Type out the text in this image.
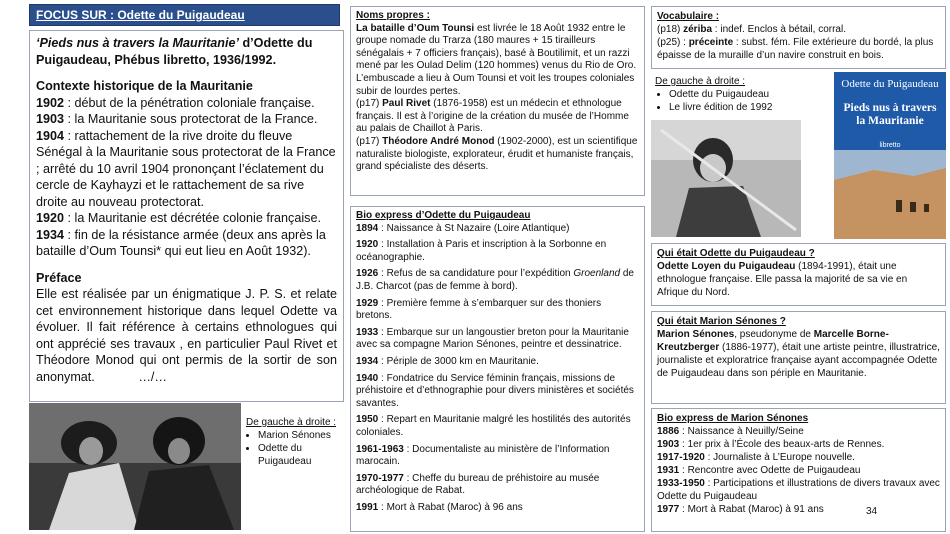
FOCUS SUR : Odette du Puigaudeau

‘Pieds nus à travers la Mauritanie’ d’Odette du Puigaudeau, Phébus libretto, 1936/1992.

Contexte historique de la Mauritanie

1902 : début de la pénétration coloniale française.

1903 : la Mauritanie sous protectorat de la France.

1904 : rattachement de la rive droite du fleuve Sénégal à la Mauritanie sous protectorat de la France ; arrêté du 10 avril 1904 prononçant l’éclatement du cercle de Kayhayzi et le rattachement de sa rive droite au nouveau protectorat.

1920 : la Mauritanie est décrétée colonie française.

1934 : fin de la résistance armée (deux ans après la bataille d’Oum Tounsi* qui eut lieu en Août 1932).

Préface

Elle est réalisée par un énigmatique J. P. S. et relate cet environnement historique dans lequel Odette va évoluer. Il fait référence à certains ethnologues qui ont apprécié ses travaux , en particulier Paul Rivet et Théodore Monod qui ont permis de la sortir de son anonymat.	…/…

De gauche à droite :
• Marion Sénones
• Odette du Puigaudeau

Noms propres :

La bataille d’Oum Tounsi est livrée le 18 Août 1932 entre le groupe nomade du Trarza (180 maures + 15 tirailleurs sénégalais + 7 officiers français), basé à Boutilimit, et un razzi mené par les Oulad Delim (120 hommes) venus du Rio de Oro. L’embuscade a lieu à Oum Tounsi et voit les troupes coloniales subir de lourdes pertes.

(p17) Paul Rivet (1876-1958) est un médecin et ethnologue français. Il est à l’origine de la création du musée de l’Homme au palais de Chaillot à Paris.

(p17) Théodore André Monod (1902-2000), est un scientifique naturaliste biologiste, explorateur, érudit et humaniste français, grand spécialiste des déserts.

Bio express d’Odette du Puigaudeau

1894 : Naissance à St Nazaire (Loire Atlantique)

1920 : Installation à Paris et inscription à la Sorbonne en océanographie.

1926 : Refus de sa candidature pour l’expédition Groenland de J.B. Charcot (pas de femme à bord).

1929 : Première femme à s’embarquer sur des thoniers bretons.

1933 : Embarque sur un langoustier breton pour la Mauritanie avec sa compagne Marion Sénones, peintre et dessinatrice.

1934 : Périple de 3000 km en Mauritanie.

1940 : Fondatrice du Service féminin français, missions de préhistoire et d’ethnographie pour divers ministères et sociétés savantes.

1950 : Repart en Mauritanie malgré les hostilités des autorités coloniales.

1961-1963 : Documentaliste au ministère de l’Information marocain.

1970-1977 : Cheffe du bureau de préhistoire au musée archéologique de Rabat.

1991 : Mort à Rabat (Maroc) à 96 ans

Vocabulaire :

(p18) zériba : indef. Enclos à bétail, corral.

(p25) : préceinte : subst. fém. File extérieure du bordé, la plus épaisse de la muraille d’un navire construit en bois.

De gauche à droite :
• Odette du Puigaudeau
• Le livre édition de 1992
Odette du Puigaudeau
Pieds nus à travers la Mauritanie
libretto

Qui était Odette du Puigaudeau ?

Odette Loyen du Puigaudeau (1894-1991), était une ethnologue française. Elle passa la majorité de sa vie en Afrique du Nord.

Qui était Marion Sénones ?

Marion Sénones, pseudonyme de Marcelle Borne-Kreutzberger (1886-1977), était une artiste peintre, illustratrice, journaliste et exploratrice française ayant accompagnée Odette de Puigaudeau dans son périple en Mauritanie.

Bio express de Marion Sénones

1886 : Naissance à Neuilly/Seine

1903 : 1er prix à l’École des beaux-arts de Rennes.

1917-1920 : Journaliste à L’Europe nouvelle.

1931 : Rencontre avec Odette de Puigaudeau

1933-1950 : Participations et illustrations de divers travaux avec Odette du Puigaudeau

1977 : Mort à Rabat (Maroc) à 91 ans	34
